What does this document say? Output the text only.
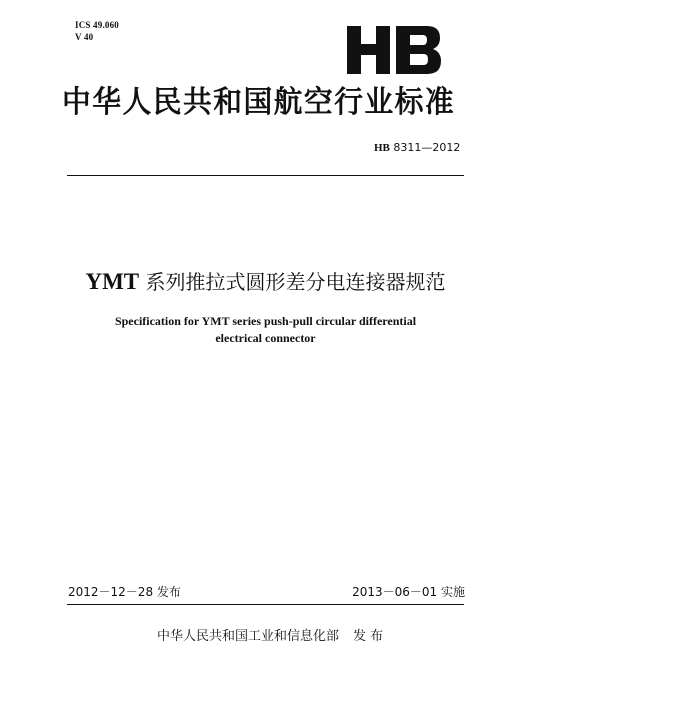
ICS 49.060
V 40
中华人民共和国航空行业标准
HB 8311—2012
YMT 系列推拉式圆形差分电连接器规范
Specification for YMT series push-pull circular differential
electrical connector
2012－12－28 发布	2013－06－01 实施
中华人民共和国工业和信息化部 发 布
